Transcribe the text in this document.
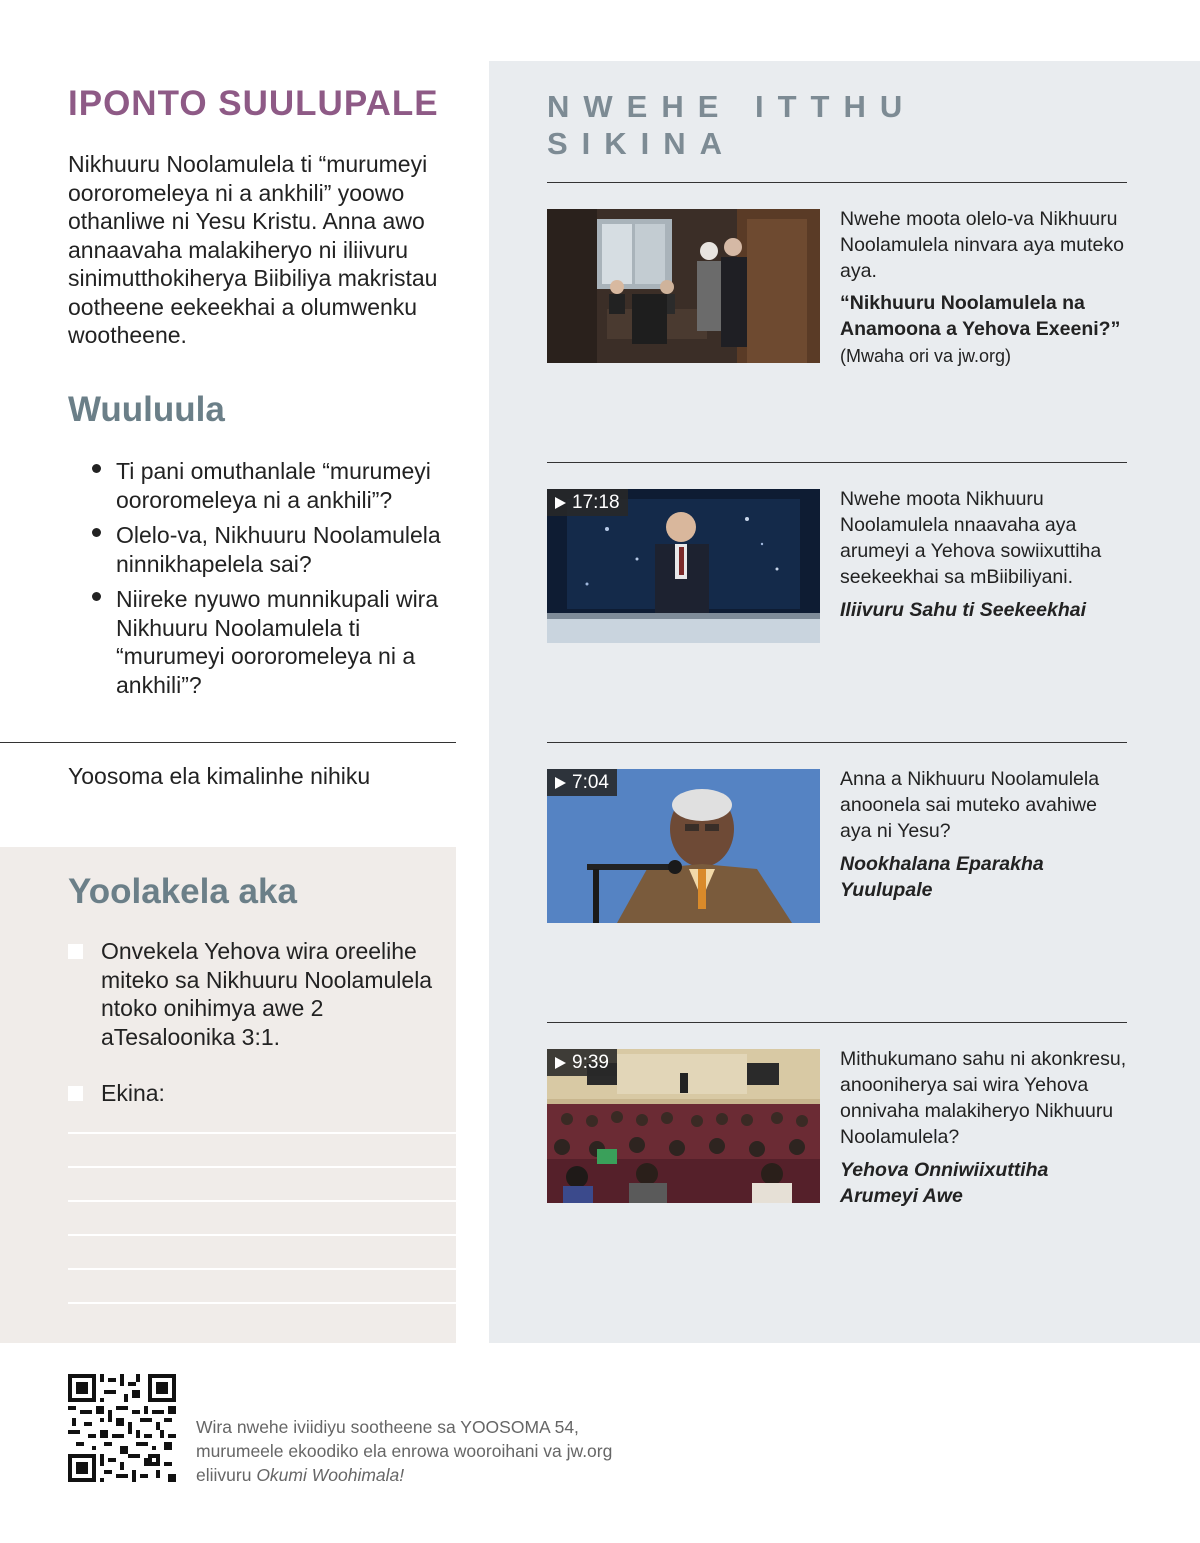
IPONTO SUULUPALE

Nikhuuru Noolamulela ti “murumeyi oororomeleya ni a ankhili” yoowo othanliwe ni Yesu Kristu. Anna awo annaavaha malakiheryo ni iliivuru sinimutthokiherya Biibiliya makristau ootheene eekeekhai a olumwenku wootheene.

Wuuluula
Ti pani omuthanlale “murumeyi oororomeleya ni a ankhili”?
Olelo-va, Nikhuuru Noolamulela ninnikhapelela sai?
Niireke nyuwo munnikupali wira Nikhuuru Noolamulela ti “murumeyi oororomeleya ni a ankhili”?
Yoosoma ela kimalinhe nihiku
Yoolakela aka
Onvekela Yehova wira oreelihe miteko sa Nikhuuru Noolamulela ntoko onihimya awe 2 aTesaloonika 3:1.
Ekina:
NWEHE ITTHU SIKINA

Nwehe moota olelo-va Nikhuuru Noolamulela ninvara aya muteko aya.

“Nikhuuru Noolamulela na Anamoona a Yehova Exeeni?”

(Mwaha ori va jw.org)

17:18	Nwehe moota Nikhuuru Noolamulela nnaavaha aya arumeyi a Yehova sowiixuttiha seekeekhai sa mBiibiliyani.

Iliivuru Sahu ti Seekeekhai

7:04	Anna a Nikhuuru Noolamulela anoonela sai muteko avahiwe aya ni Yesu?

Nookhalana Eparakha Yuulupale

9:39	Mithukumano sahu ni akonkresu, anooniherya sai wira Yehova onnivaha malakiheryo Nikhuuru Noolamulela?

Yehova Onniwiixuttiha Arumeyi Awe

Wira nwehe iviidiyu sootheene sa YOOSOMA 54, murumeele ekoodiko ela enrowa wooroihani va jw.org eliivuru Okumi Woohimala!
